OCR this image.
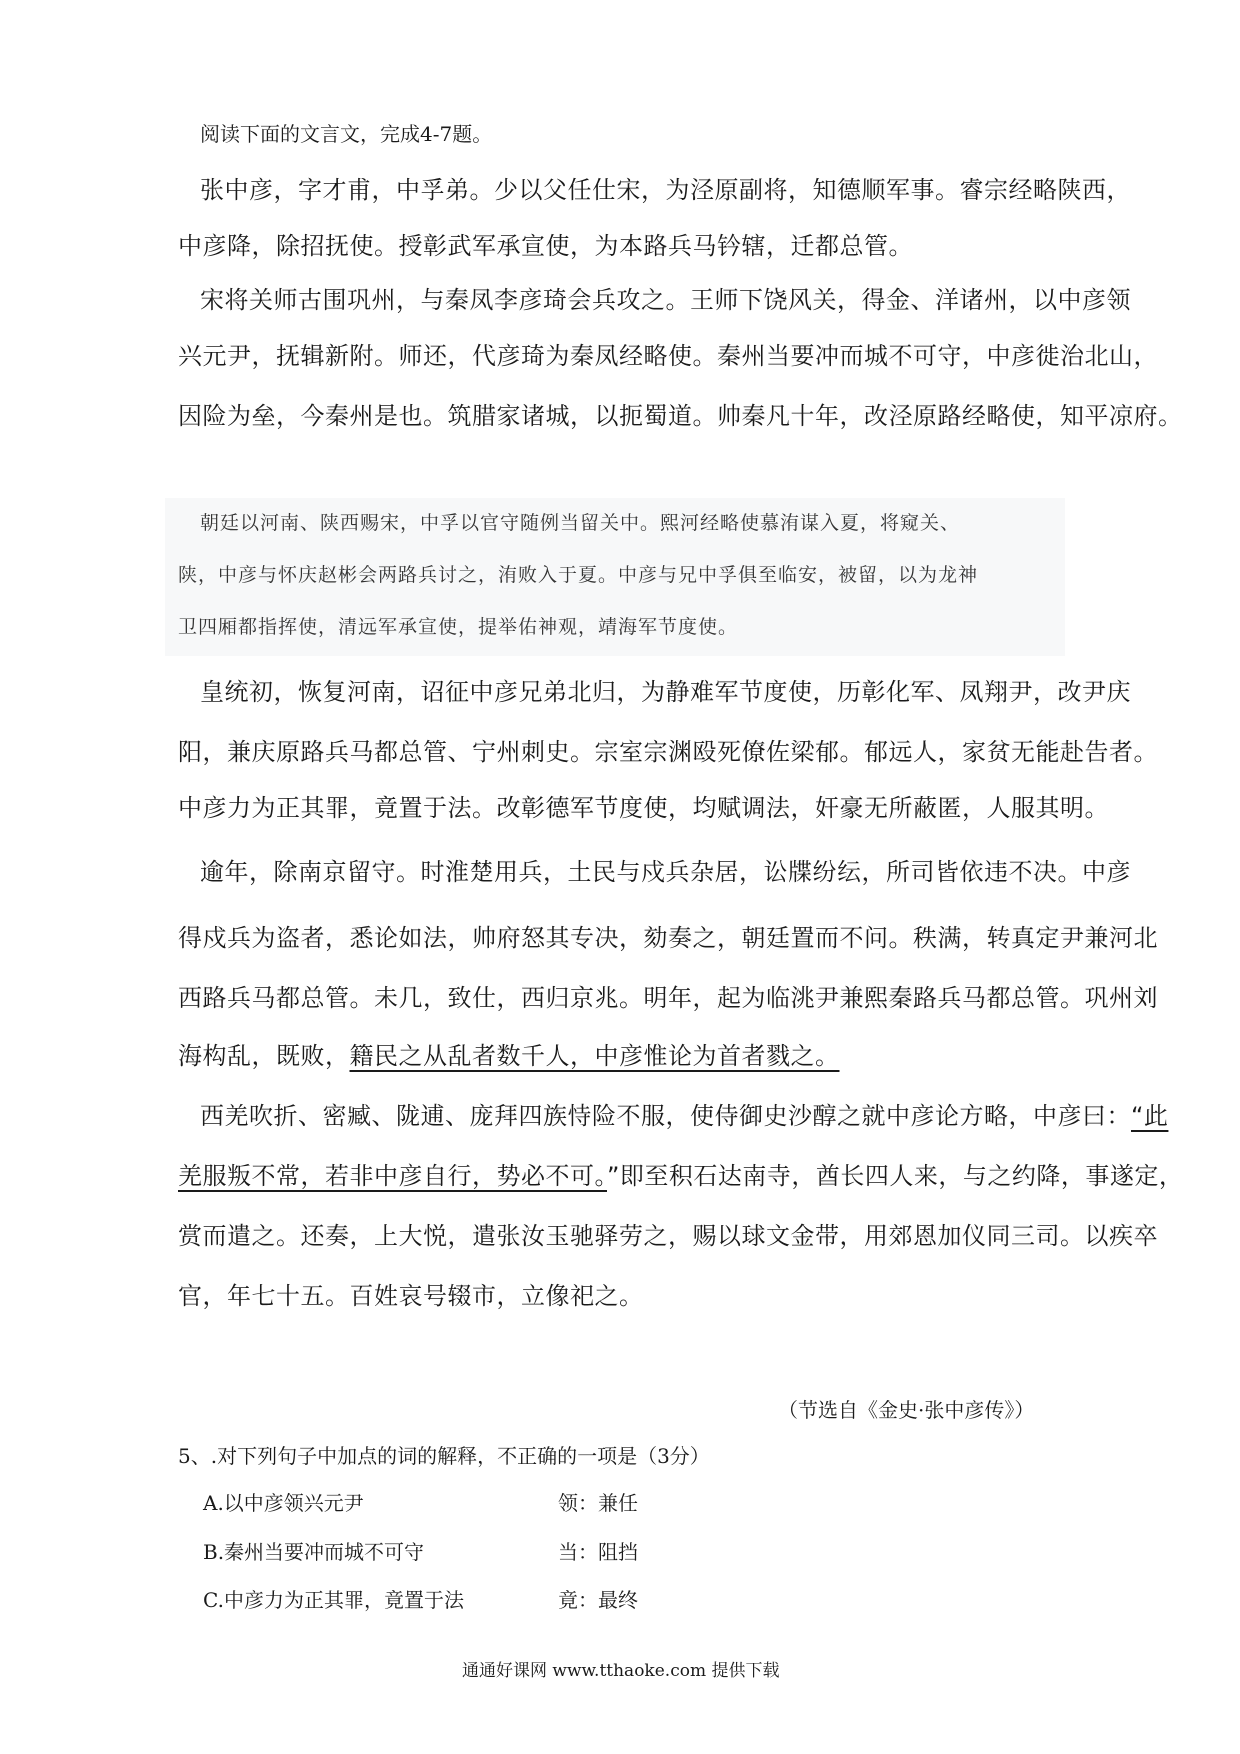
阅读下面的文言文，完成4-7题。
张中彦，字才甫，中孚弟。少以父任仕宋，为泾原副将，知德顺军事。睿宗经略陕西，
中彦降，除招抚使。授彰武军承宣使，为本路兵马钤辖，迁都总管。
宋将关师古围巩州，与秦凤李彦琦会兵攻之。王师下饶风关，得金、洋诸州，以中彦领
兴元尹，抚辑新附。师还，代彦琦为秦凤经略使。秦州当要冲而城不可守，中彦徙治北山，
因险为垒，今秦州是也。筑腊家诸城，以扼蜀道。帅秦凡十年，改泾原路经略使，知平凉府。
朝廷以河南、陕西赐宋，中孚以官守随例当留关中。熙河经略使慕洧谋入夏，将窥关、
陕，中彦与怀庆赵彬会两路兵讨之，洧败入于夏。中彦与兄中孚俱至临安，被留，以为龙神
卫四厢都指挥使，清远军承宣使，提举佑神观，靖海军节度使。
皇统初，恢复河南，诏征中彦兄弟北归，为静难军节度使，历彰化军、凤翔尹，改尹庆
阳，兼庆原路兵马都总管、宁州刺史。宗室宗渊殴死僚佐梁郁。郁远人，家贫无能赴告者。
中彦力为正其罪，竟置于法。改彰德军节度使，均赋调法，奸豪无所蔽匿，人服其明。
逾年，除南京留守。时淮楚用兵，土民与戍兵杂居，讼牒纷纭，所司皆依违不决。中彦
得戍兵为盗者，悉论如法，帅府怒其专决，劾奏之，朝廷置而不问。秩满，转真定尹兼河北
西路兵马都总管。未几，致仕，西归京兆。明年，起为临洮尹兼熙秦路兵马都总管。巩州刘
海构乱，既败，籍民之从乱者数千人，中彦惟论为首者戮之。
西羌吹折、密臧、陇逋、庞拜四族恃险不服，使侍御史沙醇之就中彦论方略，中彦曰：“此
羌服叛不常，若非中彦自行，势必不可。”即至积石达南寺，酋长四人来，与之约降，事遂定，
赏而遣之。还奏，上大悦，遣张汝玉驰驿劳之，赐以球文金带，用郊恩加仪同三司。以疾卒
官，年七十五。百姓哀号辍市，立像祀之。
（节选自《金史·张中彦传》）
5、.对下列句子中加点的词的解释，不正确的一项是（3分）
A.以中彦领兴元尹	领：兼任
B.秦州当要冲而城不可守	当：阻挡
C.中彦力为正其罪，竟置于法	竟：最终
通通好课网 www.tthaoke.com 提供下载
